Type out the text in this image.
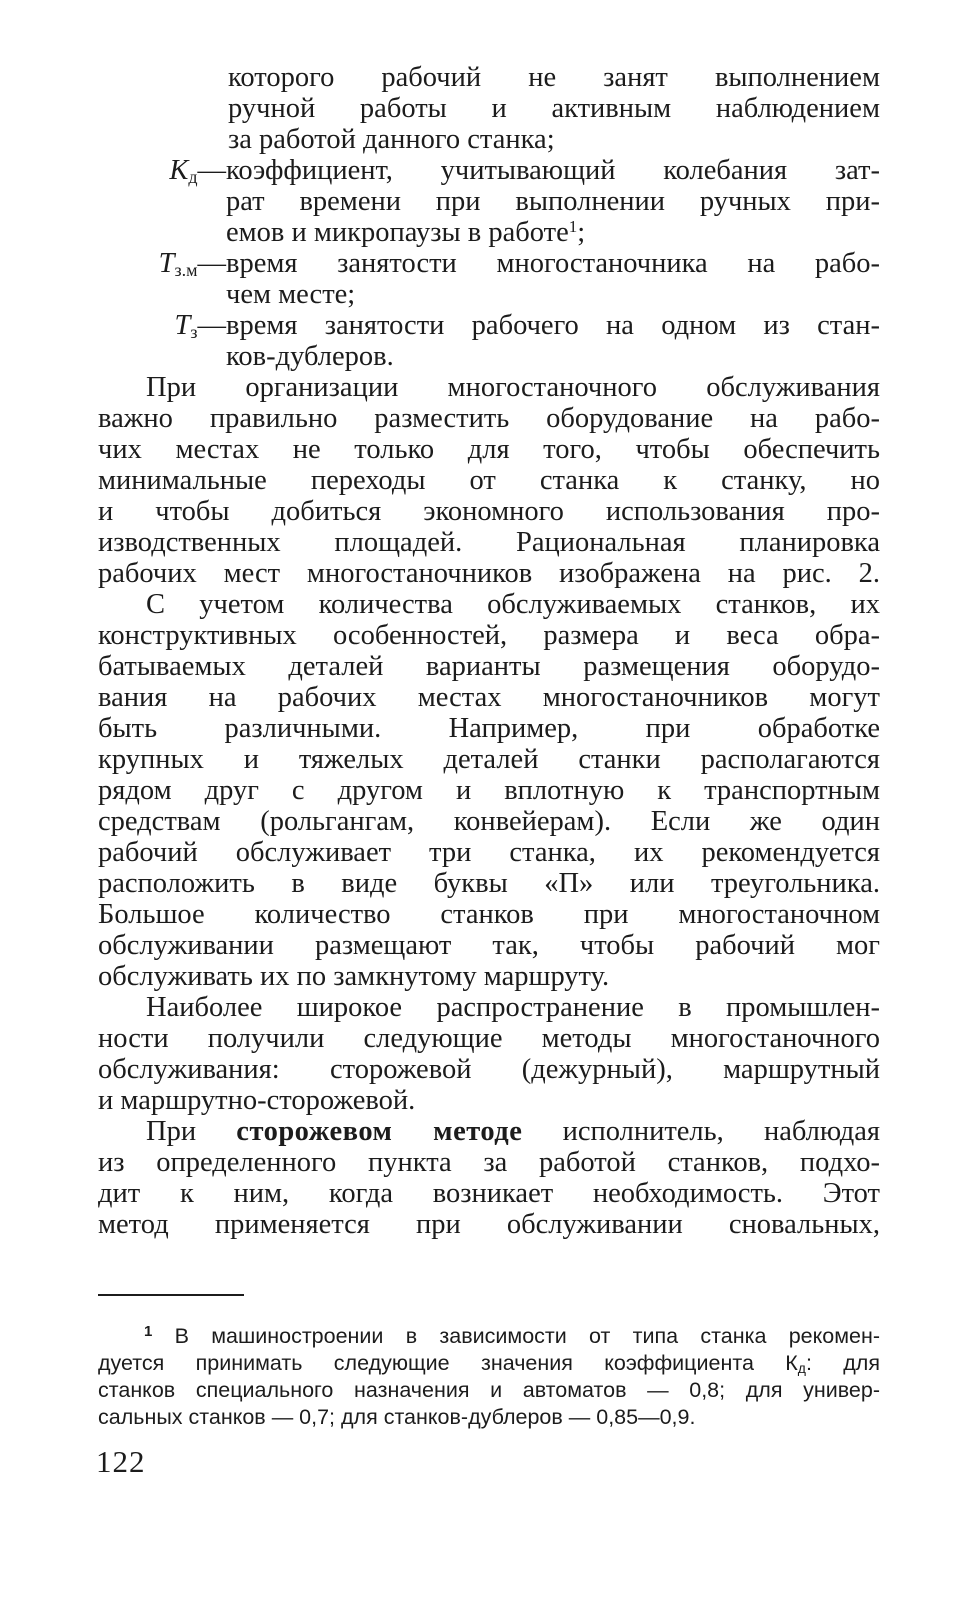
которого рабочий не занят выполнением
ручной работы и активным наблюдением
за работой данного станка;
$К_д—$ коэффициент, учитывающий колебания зат-
рат времени при выполнении ручных при-
емов и микропаузы в работе$^1$;
$Т_{з.м}—$ время занятости многостаночника на рабо-
чем месте;
$Т_з—$ время занятости рабочего на одном из стан-
ков-дублеров.
При организации многостаночного обслуживания
важно правильно разместить оборудование на рабо-
чих местах не только для того, чтобы обеспечить
минимальные переходы от станка к станку, но
и чтобы добиться экономного использования про-
изводственных площадей. Рациональная планировка
рабочих мест многостаночников изображена на рис. 2.
С учетом количества обслуживаемых станков, их
конструктивных особенностей, размера и веса обра-
батываемых деталей варианты размещения оборудо-
вания на рабочих местах многостаночников могут
быть различными. Например, при обработке
крупных и тяжелых деталей станки располагаются
рядом друг с другом и вплотную к транспортным
средствам (рольгангам, конвейерам). Если же один
рабочий обслуживает три станка, их рекомендуется
расположить в виде буквы «П» или треугольника.
Большое количество станков при многостаночном
обслуживании размещают так, чтобы рабочий мог
обслуживать их по замкнутому маршруту.
Наиболее широкое распространение в промышлен-
ности получили следующие методы многостаночного
обслуживания: сторожевой (дежурный), маршрутный
и маршрутно-сторожевой.
При сторожевом методе исполнитель, наблюдая
из определенного пункта за работой станков, подхо-
дит к ним, когда возникает необходимость. Этот
метод применяется при обслуживании сновальных,
$^1$ В машиностроении в зависимости от типа станка рекомен-
дуется принимать следующие значения коэффициента $К_д$: для
станков специального назначения и автоматов — 0,8; для универ-
сальных станков — 0,7; для станков-дублеров — 0,85—0,9.
122
